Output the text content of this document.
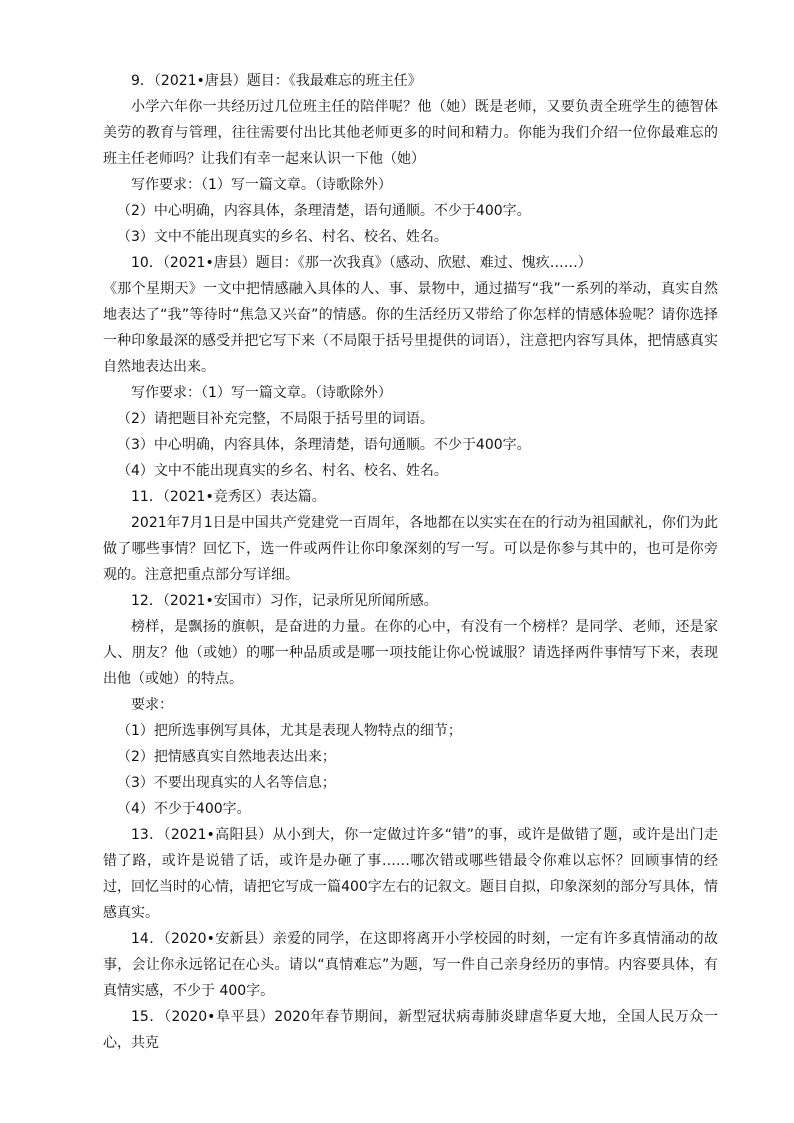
9．（2021•唐县）题目：《我最难忘的班主任》

小学六年你一共经历过几位班主任的陪伴呢？他（她）既是老师，又要负责全班学生的德智体美劳的教育与管理，往往需要付出比其他老师更多的时间和精力。你能为我们介绍一位你最难忘的班主任老师吗？让我们有幸一起来认识一下他（她）

写作要求：（1）写一篇文章。（诗歌除外）

（2）中心明确，内容具体，条理清楚，语句通顺。不少于400字。

（3）文中不能出现真实的乡名、村名、校名、姓名。

10．（2021•唐县）题目：《那一次我真》（感动、欣慰、难过、愧疚……）

《那个星期天》一文中把情感融入具体的人、事、景物中，通过描写“我”一系列的举动，真实自然地表达了“我”等待时“焦急又兴奋”的情感。你的生活经历又带给了你怎样的情感体验呢？请你选择一种印象最深的感受并把它写下来（不局限于括号里提供的词语），注意把内容写具体，把情感真实自然地表达出来。

写作要求：（1）写一篇文章。（诗歌除外）

（2）请把题目补充完整，不局限于括号里的词语。

（3）中心明确，内容具体，条理清楚，语句通顺。不少于400字。

（4）文中不能出现真实的乡名、村名、校名、姓名。

11．（2021•竞秀区）表达篇。

2021年7月1日是中国共产党建党一百周年，各地都在以实实在在的行动为祖国献礼，你们为此做了哪些事情？回忆下，选一件或两件让你印象深刻的写一写。可以是你参与其中的，也可是你旁观的。注意把重点部分写详细。

12．（2021•安国市）习作，记录所见所闻所感。

榜样，是飘扬的旗帜，是奋进的力量。在你的心中，有没有一个榜样？是同学、老师，还是家人、朋友？他（或她）的哪一种品质或是哪一项技能让你心悦诚服？请选择两件事情写下来，表现出他（或她）的特点。

要求：

（1）把所选事例写具体，尤其是表现人物特点的细节；

（2）把情感真实自然地表达出来；

（3）不要出现真实的人名等信息；

（4）不少于400字。

13．（2021•高阳县）从小到大，你一定做过许多“错”的事，或许是做错了题，或许是出门走错了路，或许是说错了话，或许是办砸了事……哪次错或哪些错最令你难以忘怀？回顾事情的经过，回忆当时的心情，请把它写成一篇400字左右的记叙文。题目自拟，印象深刻的部分写具体，情感真实。

14．（2020•安新县）亲爱的同学，在这即将离开小学校园的时刻，一定有许多真情涌动的故事，会让你永远铭记在心头。请以“真情难忘”为题，写一件自己亲身经历的事情。内容要具体，有真情实感，不少于 400字。

15．（2020•阜平县）2020年春节期间，新型冠状病毒肺炎肆虐华夏大地，全国人民万众一心，共克
